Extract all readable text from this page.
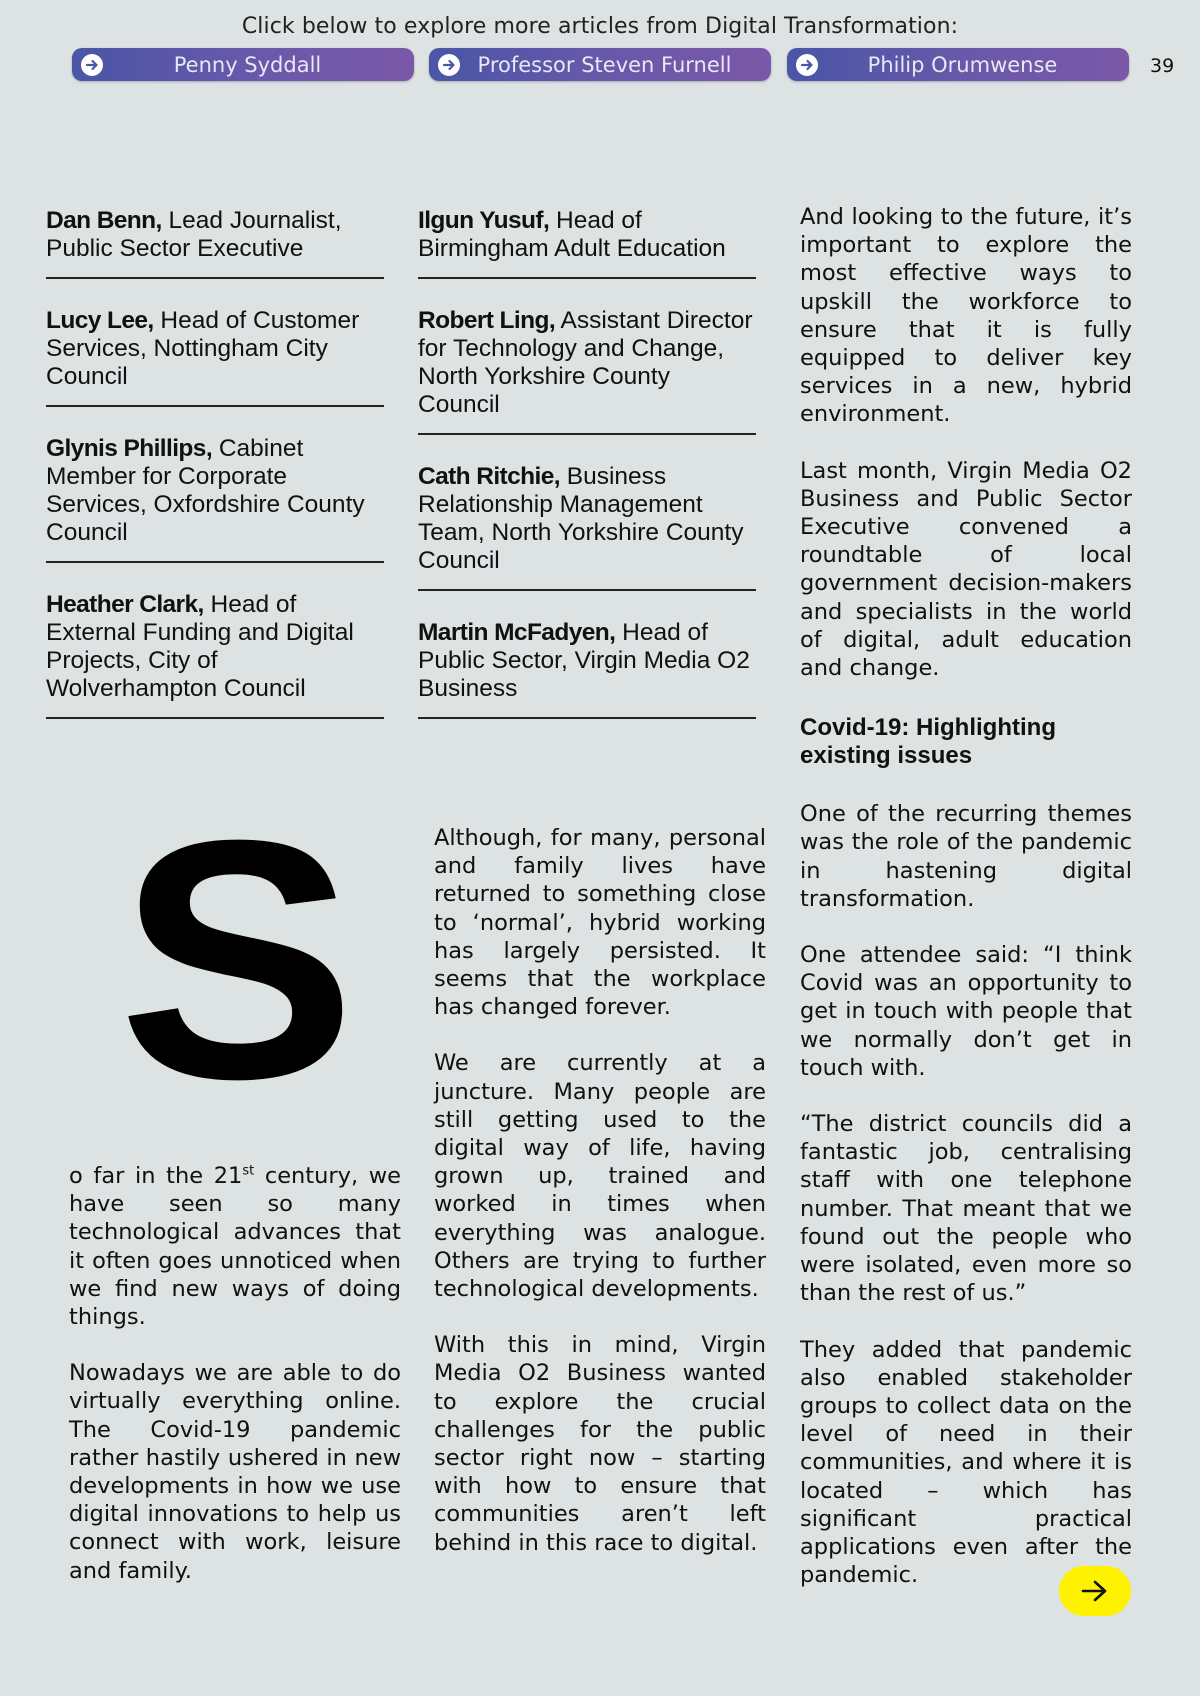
Click below to explore more articles from Digital Transformation:
Penny Syddall	Professor Steven Furnell	Philip Orumwense	39
Dan Benn, Lead Journalist, Public Sector Executive
Lucy Lee, Head of Customer Services, Nottingham City Council
Glynis Phillips, Cabinet Member for Corporate Services, Oxfordshire County Council
Heather Clark, Head of External Funding and Digital Projects, City of Wolverhampton Council
Ilgun Yusuf, Head of Birmingham Adult Education
Robert Ling, Assistant Director for Technology and Change, North Yorkshire County Council
Cath Ritchie, Business Relationship Management Team, North Yorkshire County Council
Martin McFadyen, Head of Public Sector, Virgin Media O2 Business
S

o far in the 21st century, we have seen so many technological advances that it often goes unnoticed when we find new ways of doing things.

Nowadays we are able to do virtually everything online. The Covid-19 pandemic rather hastily ushered in new developments in how we use digital innovations to help us connect with work, leisure and family.

Although, for many, personal and family lives have returned to something close to ‘normal’, hybrid working has largely persisted. It seems that the workplace has changed forever.

We are currently at a juncture. Many people are still getting used to the digital way of life, having grown up, trained and worked in times when everything was analogue. Others are trying to further technological developments.

With this in mind, Virgin Media O2 Business wanted to explore the crucial challenges for the public sector right now – starting with how to ensure that communities aren’t left behind in this race to digital.

And looking to the future, it’s important to explore the most effective ways to upskill the workforce to ensure that it is fully equipped to deliver key services in a new, hybrid environment.

Last month, Virgin Media O2 Business and Public Sector Executive convened a roundtable of local government decision-makers and specialists in the world of digital, adult education and change.

Covid-19: Highlighting existing issues

One of the recurring themes was the role of the pandemic in hastening digital transformation.

One attendee said: “I think Covid was an opportunity to get in touch with people that we normally don’t get in touch with.

“The district councils did a fantastic job, centralising staff with one telephone number. That meant that we found out the people who were isolated, even more so than the rest of us.”

They added that pandemic also enabled stakeholder groups to collect data on the level of need in their communities, and where it is located – which has significant practical applications even after the pandemic.
